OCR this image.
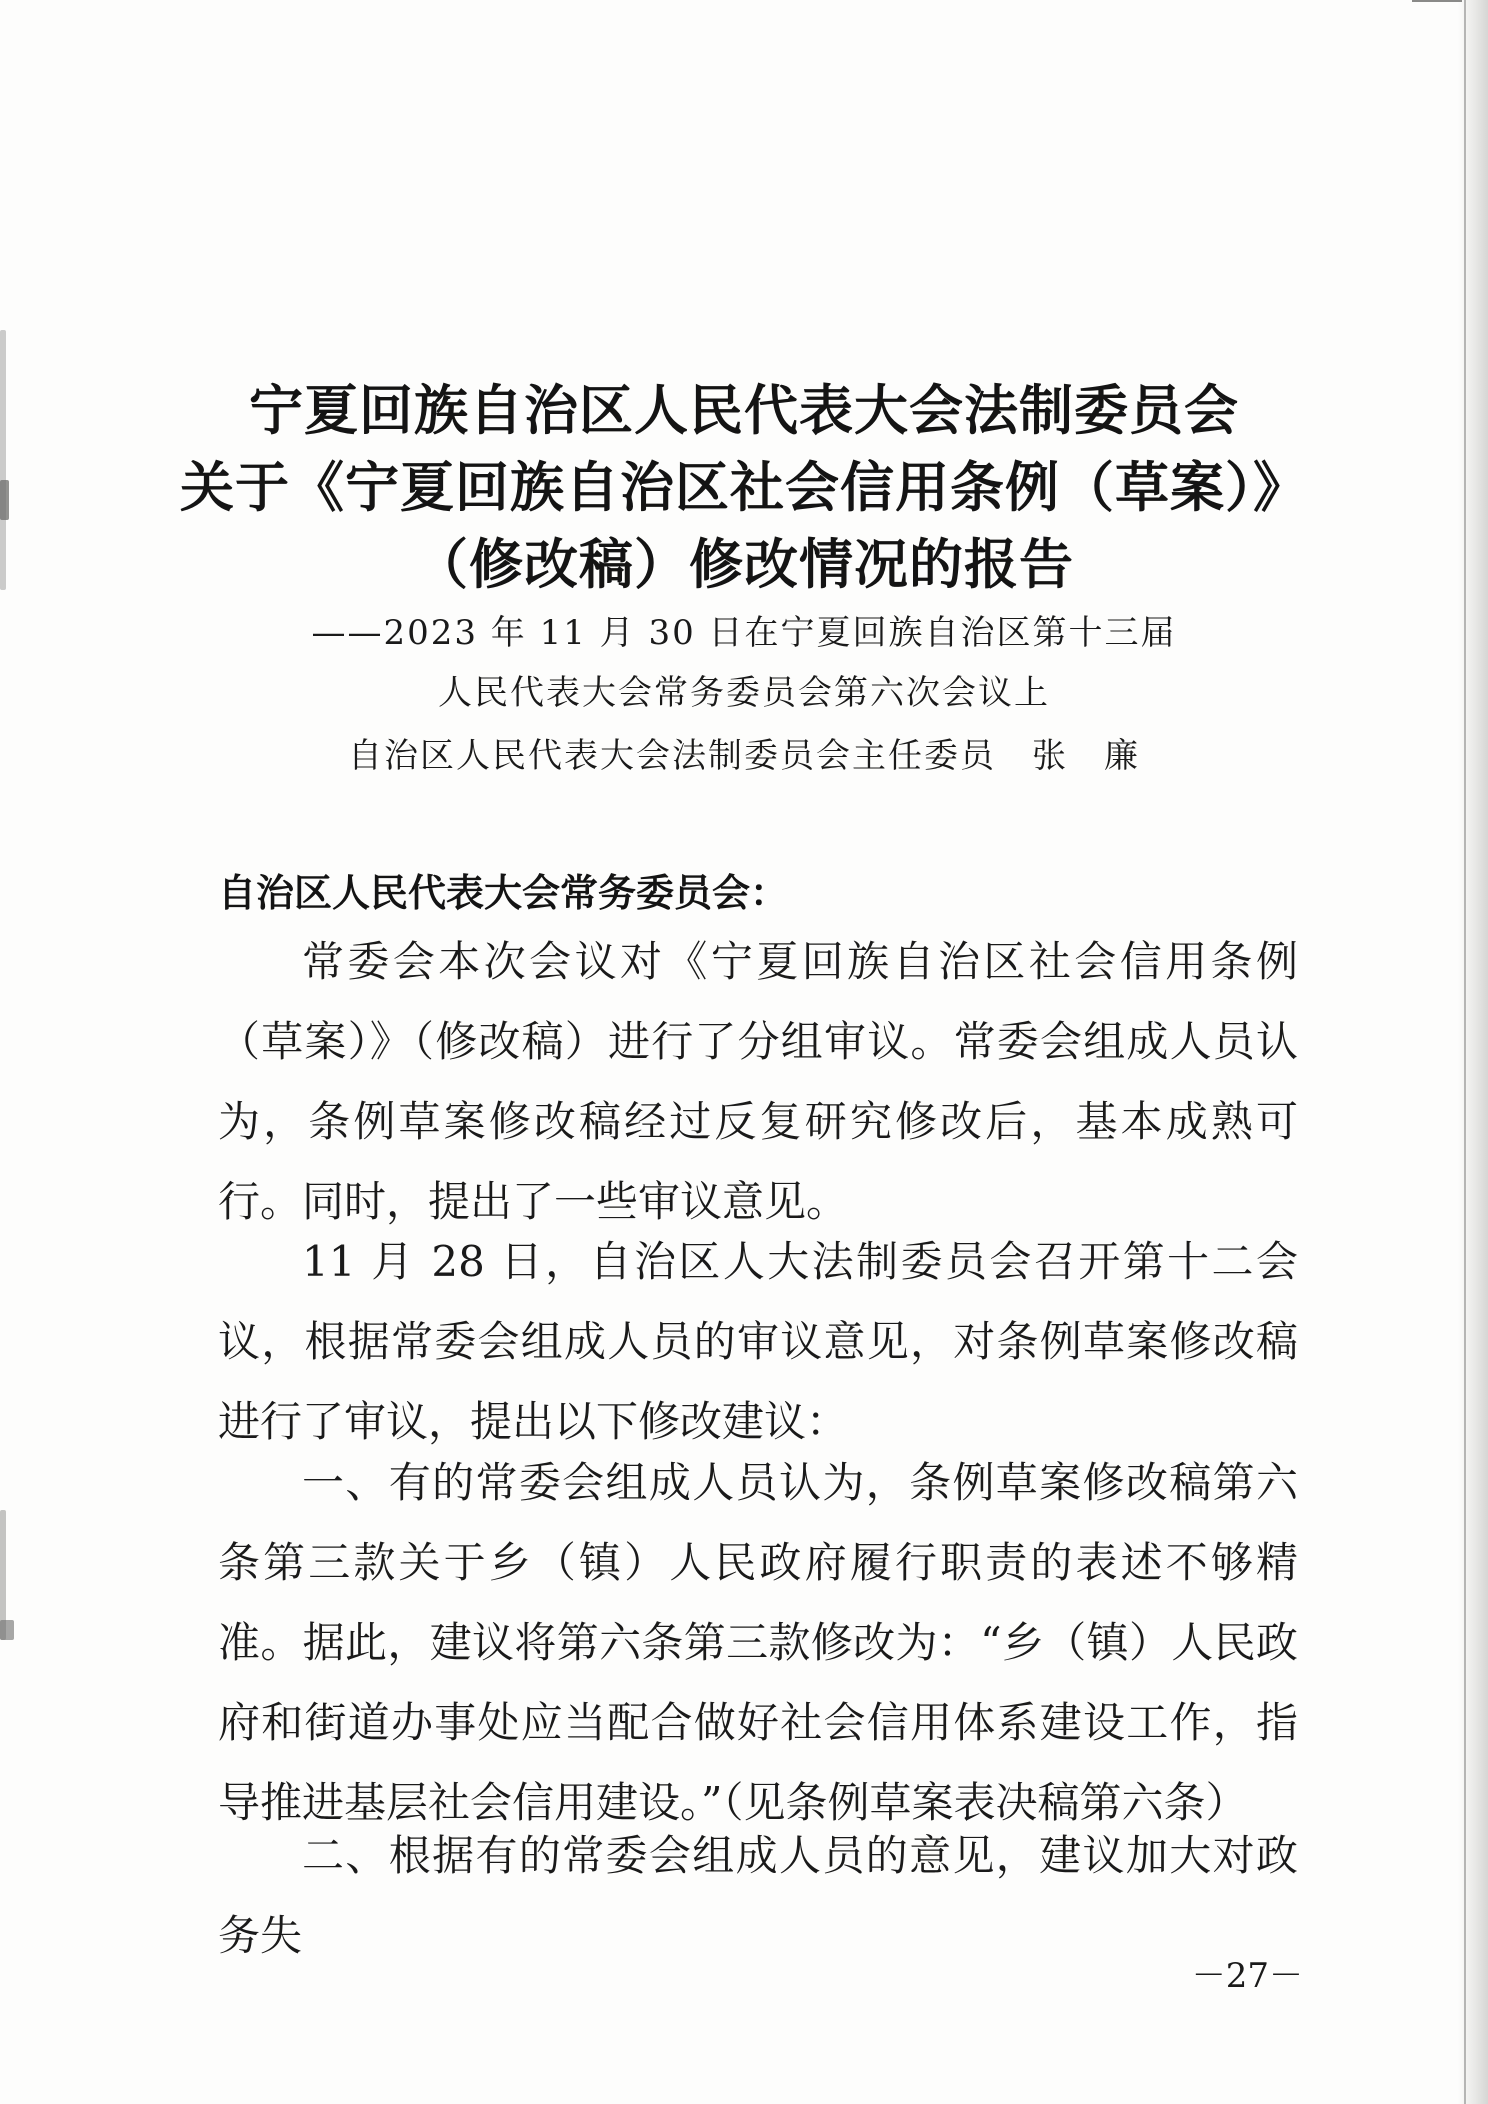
宁夏回族自治区人民代表大会法制委员会
关于《宁夏回族自治区社会信用条例（草案）》
（修改稿）修改情况的报告
——2023 年 11 月 30 日在宁夏回族自治区第十三届
人民代表大会常务委员会第六次会议上
自治区人民代表大会法制委员会主任委员　张　廉
自治区人民代表大会常务委员会：

常委会本次会议对《宁夏回族自治区社会信用条例（草案）》（修改稿）进行了分组审议。常委会组成人员认为，条例草案修改稿经过反复研究修改后，基本成熟可行。同时，提出了一些审议意见。

11 月 28 日，自治区人大法制委员会召开第十二会议，根据常委会组成人员的审议意见，对条例草案修改稿进行了审议，提出以下修改建议：

一、有的常委会组成人员认为，条例草案修改稿第六条第三款关于乡（镇）人民政府履行职责的表述不够精准。据此，建议将第六条第三款修改为：“乡（镇）人民政府和街道办事处应当配合做好社会信用体系建设工作，指导推进基层社会信用建设。”（见条例草案表决稿第六条）

二、根据有的常委会组成人员的意见，建议加大对政务失

－27－
